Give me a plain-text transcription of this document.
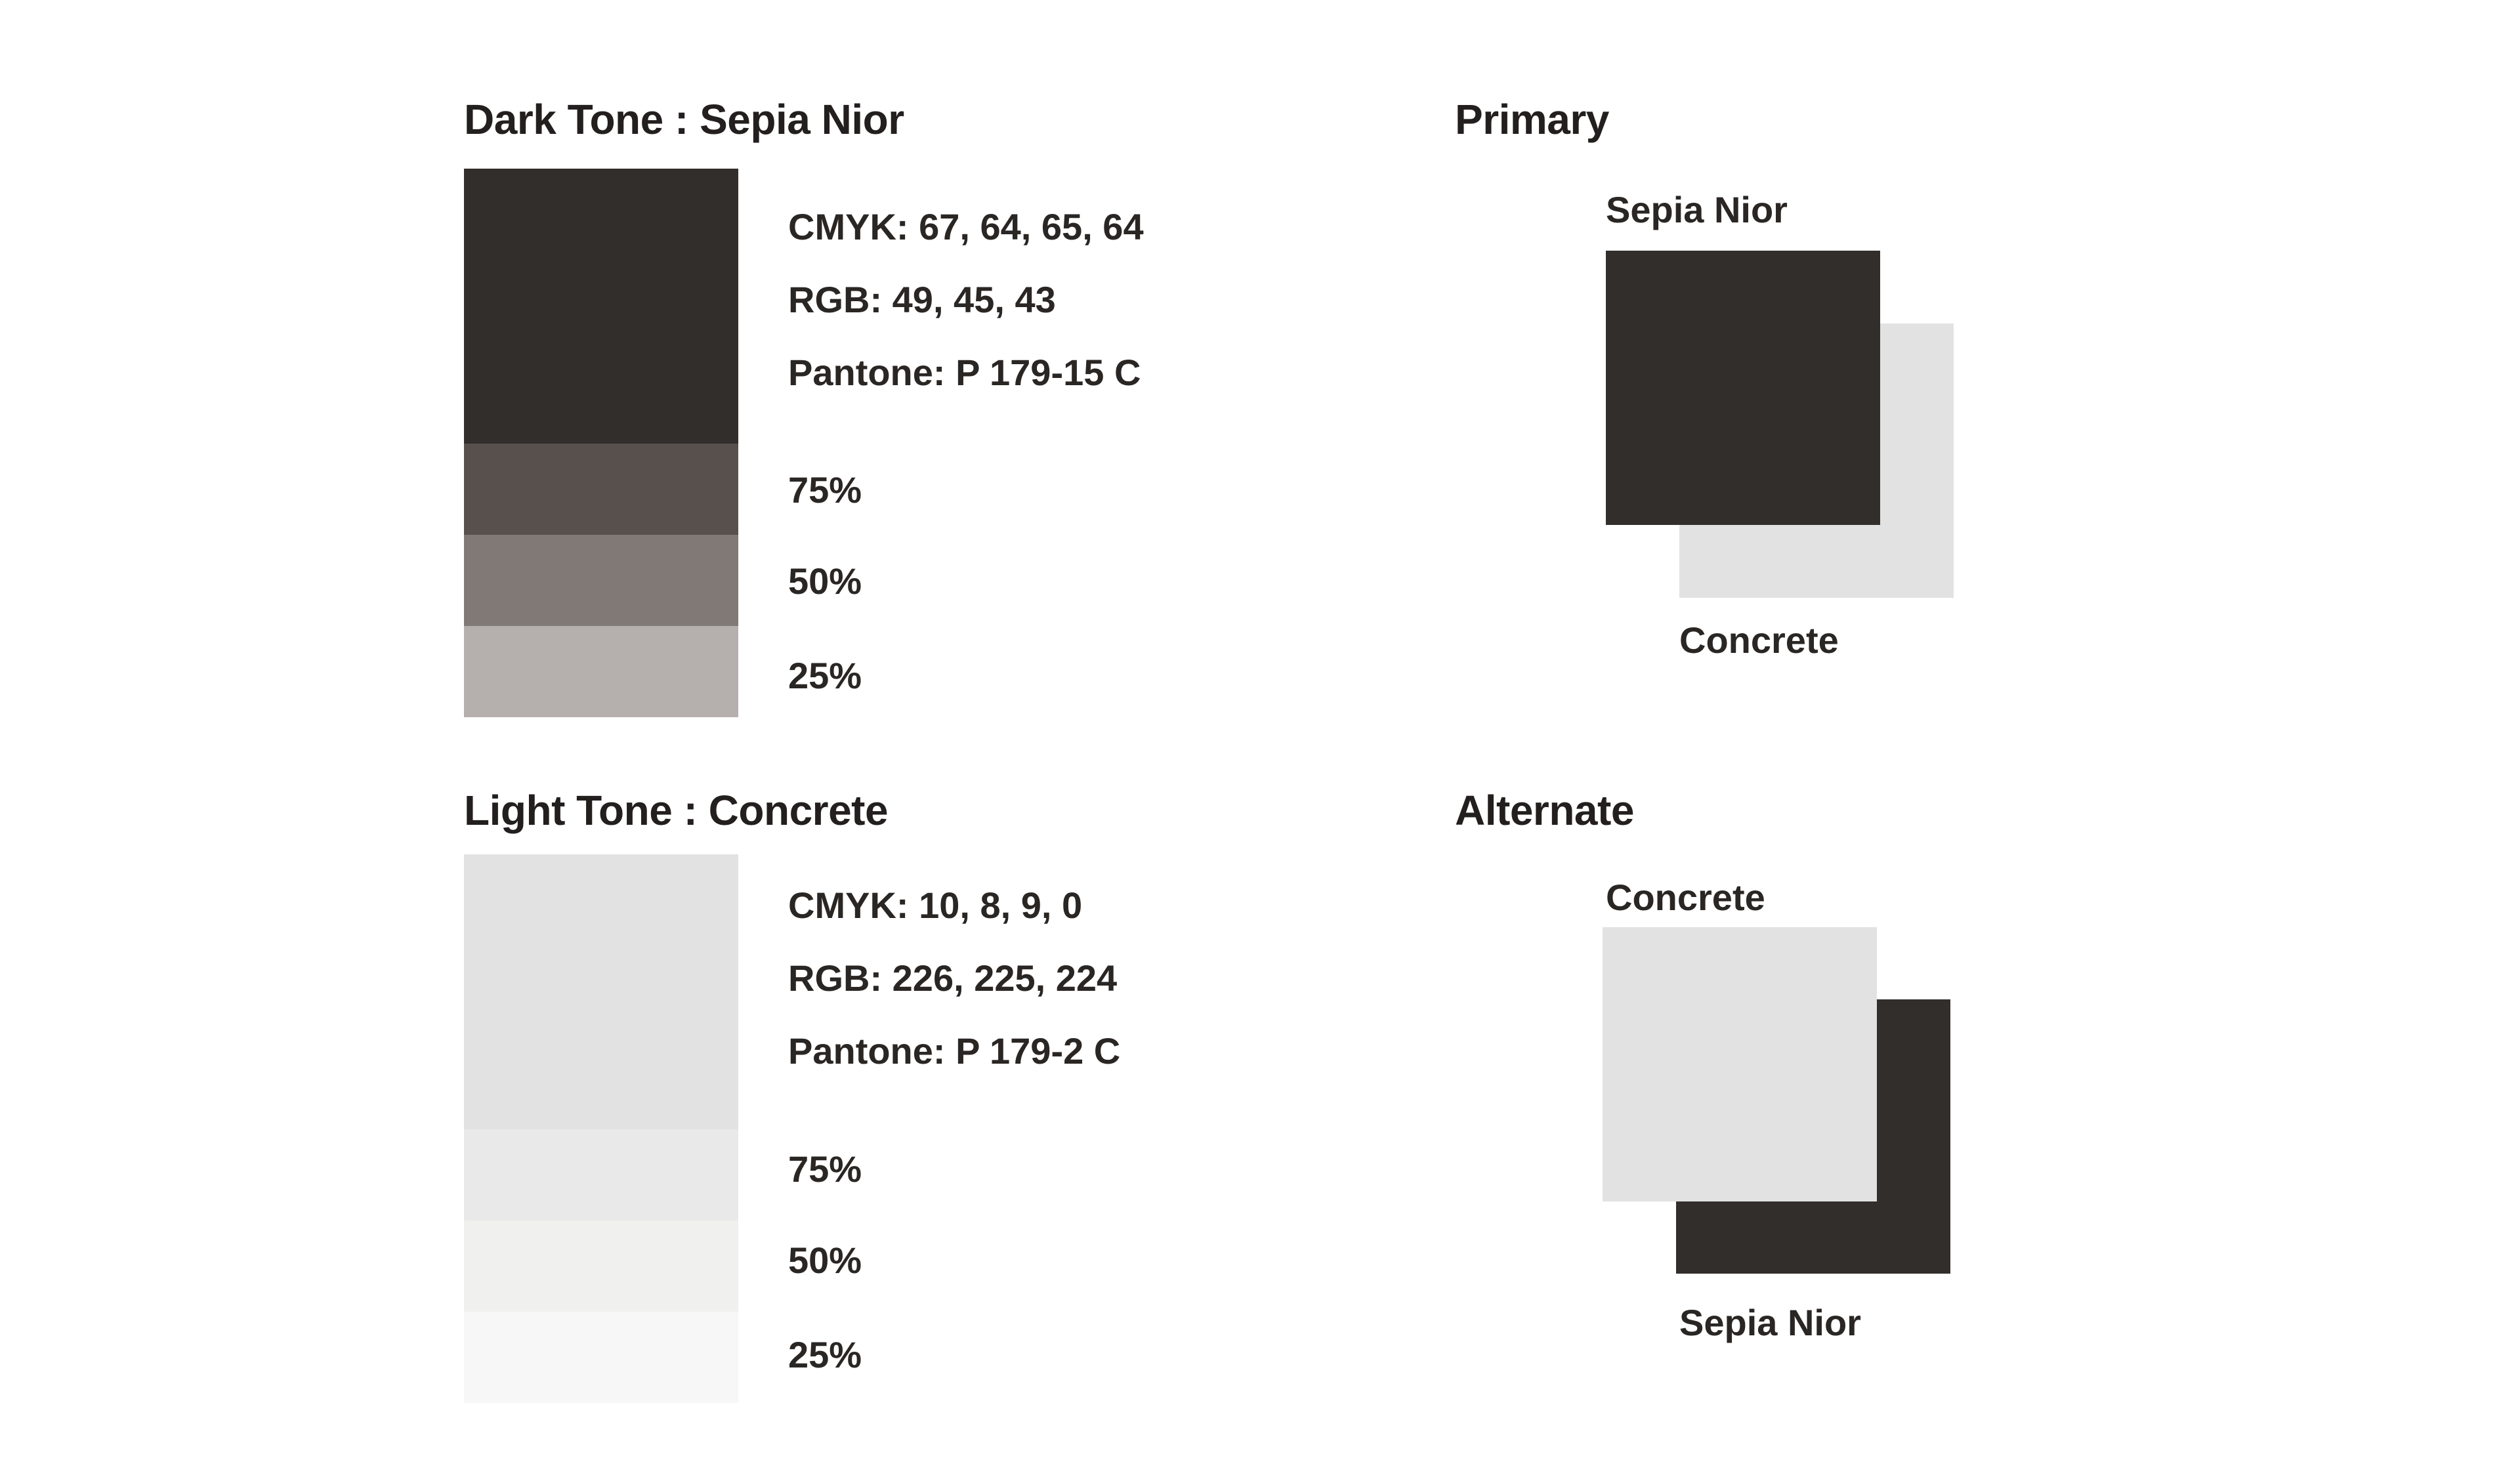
Dark Tone : Sepia Nior
CMYK: 67, 64, 65, 64
RGB: 49, 45, 43
Pantone: P 179-15 C
75%
50%
25%
Light Tone : Concrete
CMYK: 10, 8, 9, 0
RGB: 226, 225, 224
Pantone: P 179-2 C
75%
50%
25%
Primary
Sepia Nior
Concrete
Alternate
Concrete
Sepia Nior
